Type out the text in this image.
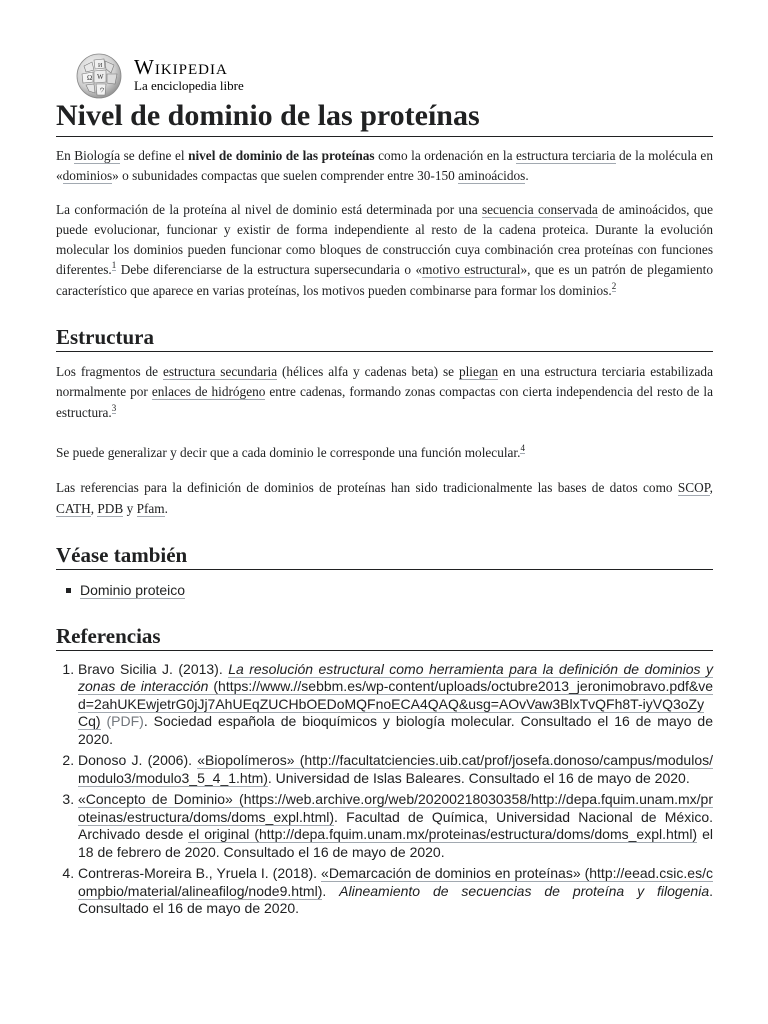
Ω W
И
ウ
Wikipedia
La enciclopedia libre
Nivel de dominio de las proteínas

En Biología se define el nivel de dominio de las proteínas como la ordenación en la estructura terciaria de la molécula en «dominios» o subunidades compactas que suelen comprender entre 30-150 aminoácidos.

La conformación de la proteína al nivel de dominio está determinada por una secuencia conservada de aminoácidos, que puede evolucionar, funcionar y existir de forma independiente al resto de la cadena proteica. Durante la evolución molecular los dominios pueden funcionar como bloques de construcción cuya combinación crea proteínas con funciones diferentes.$^1$ Debe diferenciarse de la estructura supersecundaria o «motivo estructural», que es un patrón de plegamiento característico que aparece en varias proteínas, los motivos pueden combinarse para formar los dominios.$^2$

Estructura

Los fragmentos de estructura secundaria (hélices alfa y cadenas beta) se pliegan en una estructura terciaria estabilizada normalmente por enlaces de hidrógeno entre cadenas, formando zonas compactas con cierta independencia del resto de la estructura.$^3$

Se puede generalizar y decir que a cada dominio le corresponde una función molecular.$^4$

Las referencias para la definición de dominios de proteínas han sido tradicionalmente las bases de datos como SCOP, CATH, PDB y Pfam.

Véase también
Dominio proteico
Referencias
1. Bravo Sicilia J. (2013). La resolución estructural como herramienta para la definición de dominios y zonas de interacción (https://www.//sebbm.es/wp-content/uploads/octubre2013_jeronimobravo.pdf&ved=2ahUKEwjetrG0jJj7AhUEqZUCHbOEDoMQFnoECA4QAQ&usg=AOvVaw3BlxTvQFh8T-iyVQ3oZyCq) (PDF). Sociedad española de bioquímicos y biología molecular. Consultado el 16 de mayo de 2020.
2. Donoso J. (2006). «Biopolímeros» (http://facultatciencies.uib.cat/prof/josefa.donoso/campus/modulos/modulo3/modulo3_5_4_1.htm). Universidad de Islas Baleares. Consultado el 16 de mayo de 2020.
3. «Concepto de Dominio» (https://web.archive.org/web/20200218030358/http://depa.fquim.unam.mx/proteinas/estructura/doms/doms_expl.html). Facultad de Química, Universidad Nacional de México. Archivado desde el original (http://depa.fquim.unam.mx/proteinas/estructura/doms/doms_expl.html) el 18 de febrero de 2020. Consultado el 16 de mayo de 2020.
4. Contreras-Moreira B., Yruela I. (2018). «Demarcación de dominios en proteínas» (http://eead.csic.es/compbio/material/alineafilog/node9.html). Alineamiento de secuencias de proteína y filogenia. Consultado el 16 de mayo de 2020.
